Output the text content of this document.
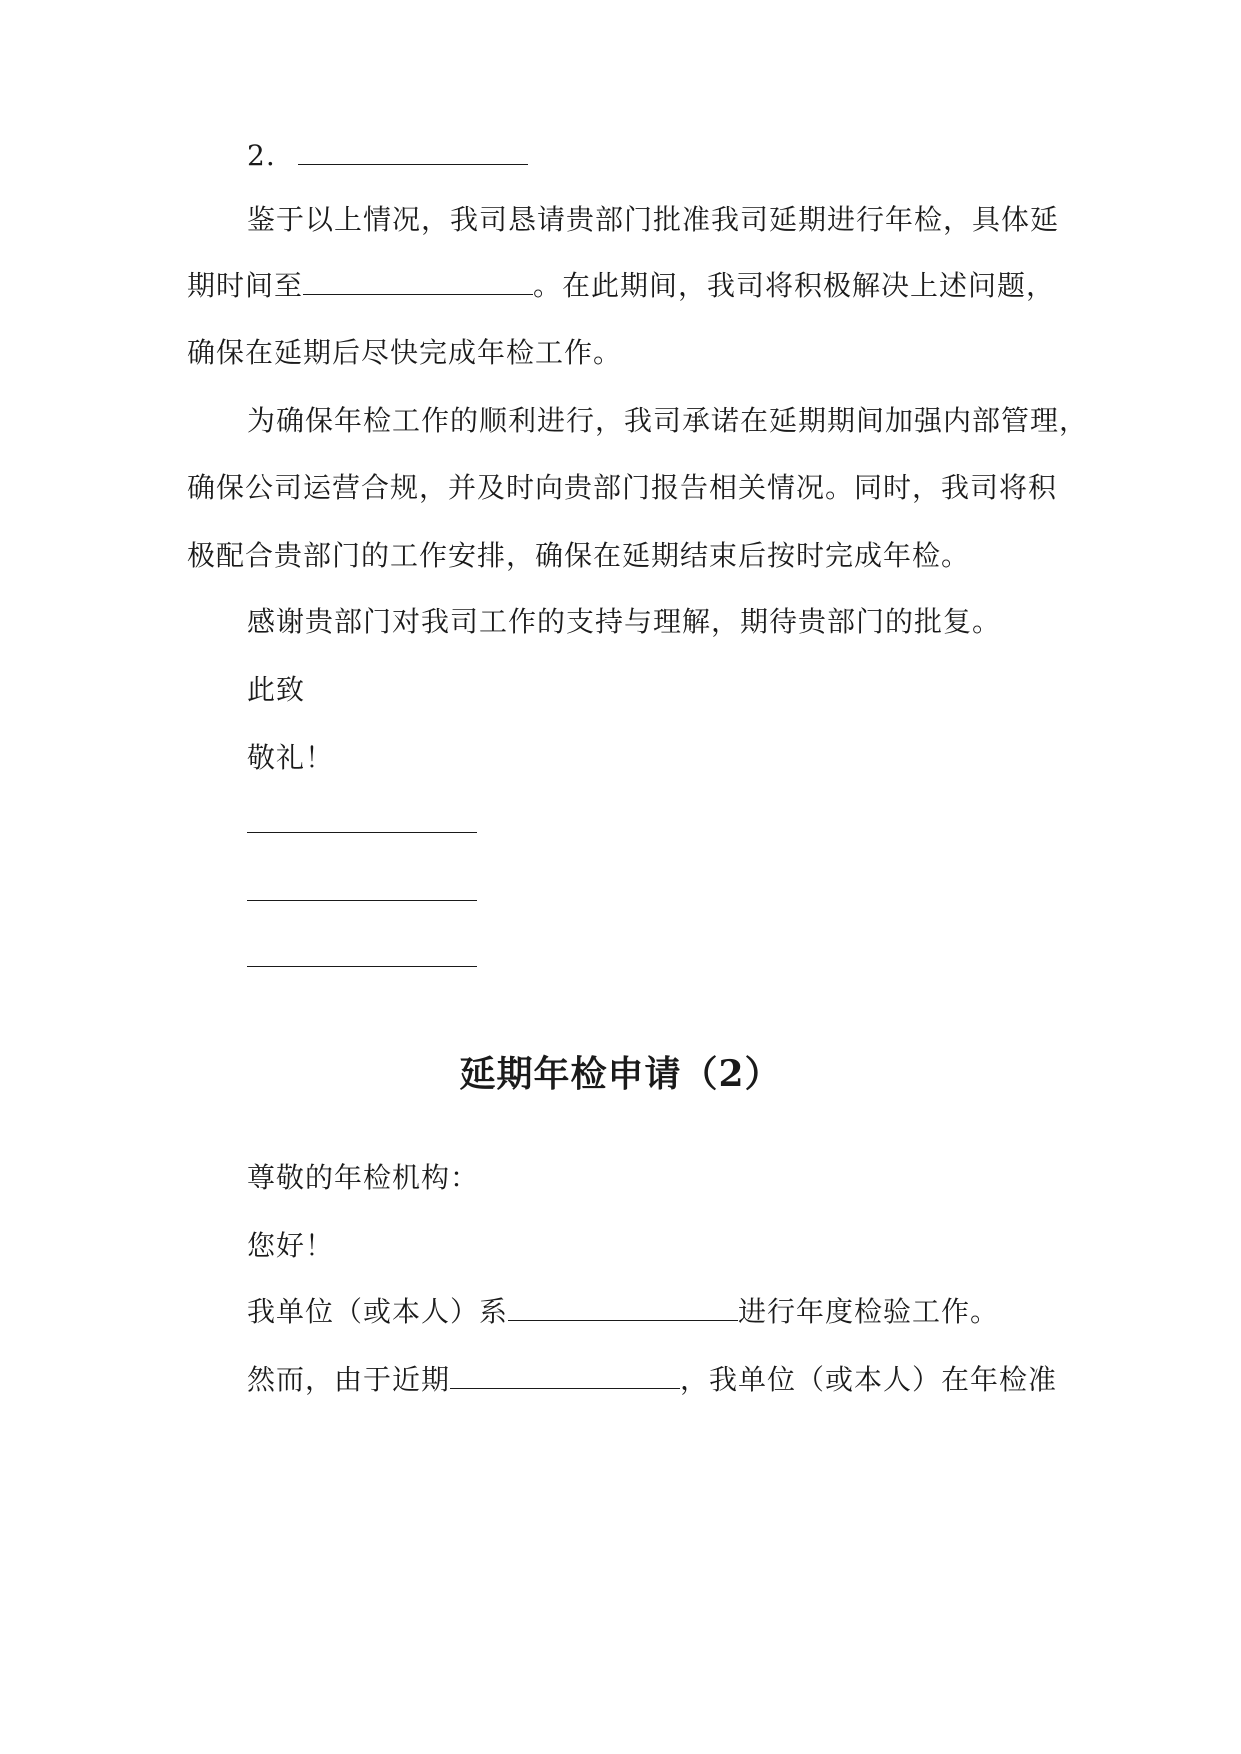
2.
鉴于以上情况，我司恳请贵部门批准我司延期进行年检，具体延
期时间至	。在此期间，我司将积极解决上述问题，
确保在延期后尽快完成年检工作。
为确保年检工作的顺利进行，我司承诺在延期期间加强内部管理，
确保公司运营合规，并及时向贵部门报告相关情况。同时，我司将积
极配合贵部门的工作安排，确保在延期结束后按时完成年检。
感谢贵部门对我司工作的支持与理解，期待贵部门的批复。
此致
敬礼！
延期年检申请（2）
尊敬的年检机构：
您好！
我单位（或本人）系	进行年度检验工作。
然而，由于近期	，我单位（或本人）在年检准
